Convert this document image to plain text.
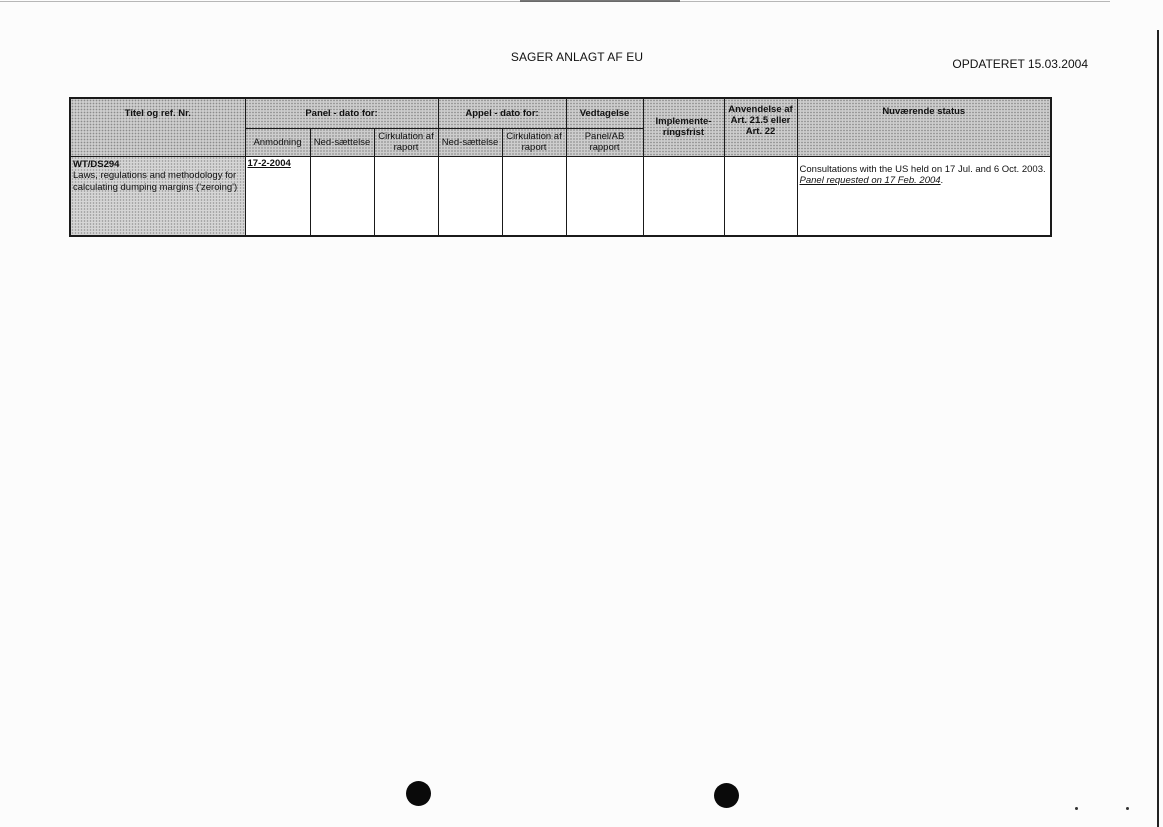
SAGER ANLAGT AF EU	OPDATERET 15.03.2004
Titel og ref. Nr.	Panel - dato for:			Appel - dato for:		Vedtagelse	Implemente-ringsfrist	Anvendelse af Art. 21.5 eller Art. 22	Nuværende status
	Anmodning	Ned-sættelse	Cirkulation af raport	Ned-sættelse	Cirkulation af raport	Panel/AB rapport			

WT/DS294
Laws, regulations and methodology for calculating dumping margins ('zeroing')	17-2-2004								Consultations with the US held on 17 Jul. and 6 Oct. 2003.
Panel requested on 17 Feb. 2004.
